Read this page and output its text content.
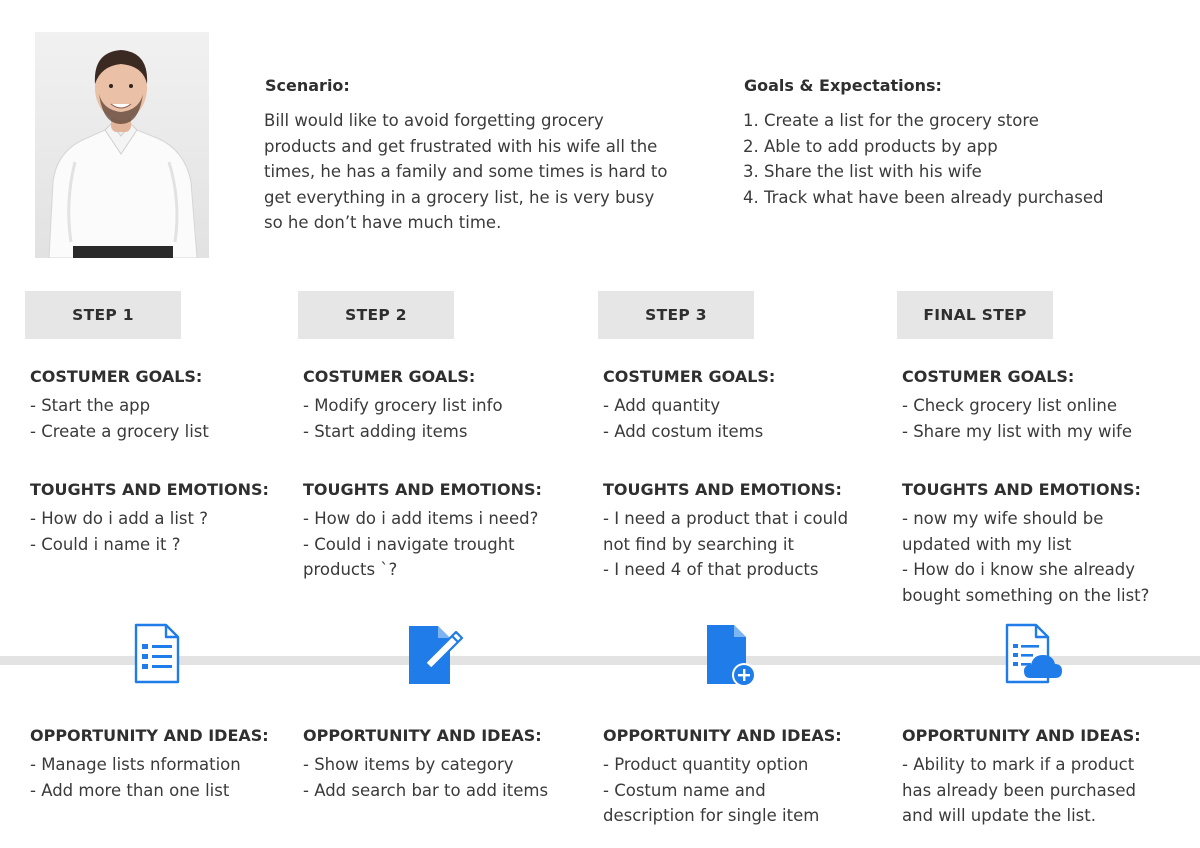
Scenario:
Bill would like to avoid forgetting grocery
products and get frustrated with his wife all the
times, he has a family and some times is hard to
get everything in a grocery list, he is very busy
so he don’t have much time.
Goals & Expectations:
1. Create a list for the grocery store
2. Able to add products by app
3. Share the list with his wife
4. Track what have been already purchased
STEP 1	STEP 2	STEP 3	FINAL STEP
COSTUMER GOALS:
- Start the app
- Create a grocery list
TOUGHTS AND EMOTIONS:
- How do i add a list ?
- Could i name it ?
OPPORTUNITY AND IDEAS:
- Manage lists nformation
- Add more than one list
COSTUMER GOALS:
- Modify grocery list info
- Start adding items
TOUGHTS AND EMOTIONS:
- How do i add items i need?
- Could i navigate trought
products `?
OPPORTUNITY AND IDEAS:
- Show items by category
- Add search bar to add items
COSTUMER GOALS:
- Add quantity
- Add costum items
TOUGHTS AND EMOTIONS:
- I need a product that i could
not find by searching it
- I need 4 of that products
OPPORTUNITY AND IDEAS:
- Product quantity option
- Costum name and
description for single item
COSTUMER GOALS:
- Check grocery list online
- Share my list with my wife
TOUGHTS AND EMOTIONS:
- now my wife should be
updated with my list
- How do i know she already
bought something on the list?
OPPORTUNITY AND IDEAS:
- Ability to mark if a product
has already been purchased
and will update the list.
